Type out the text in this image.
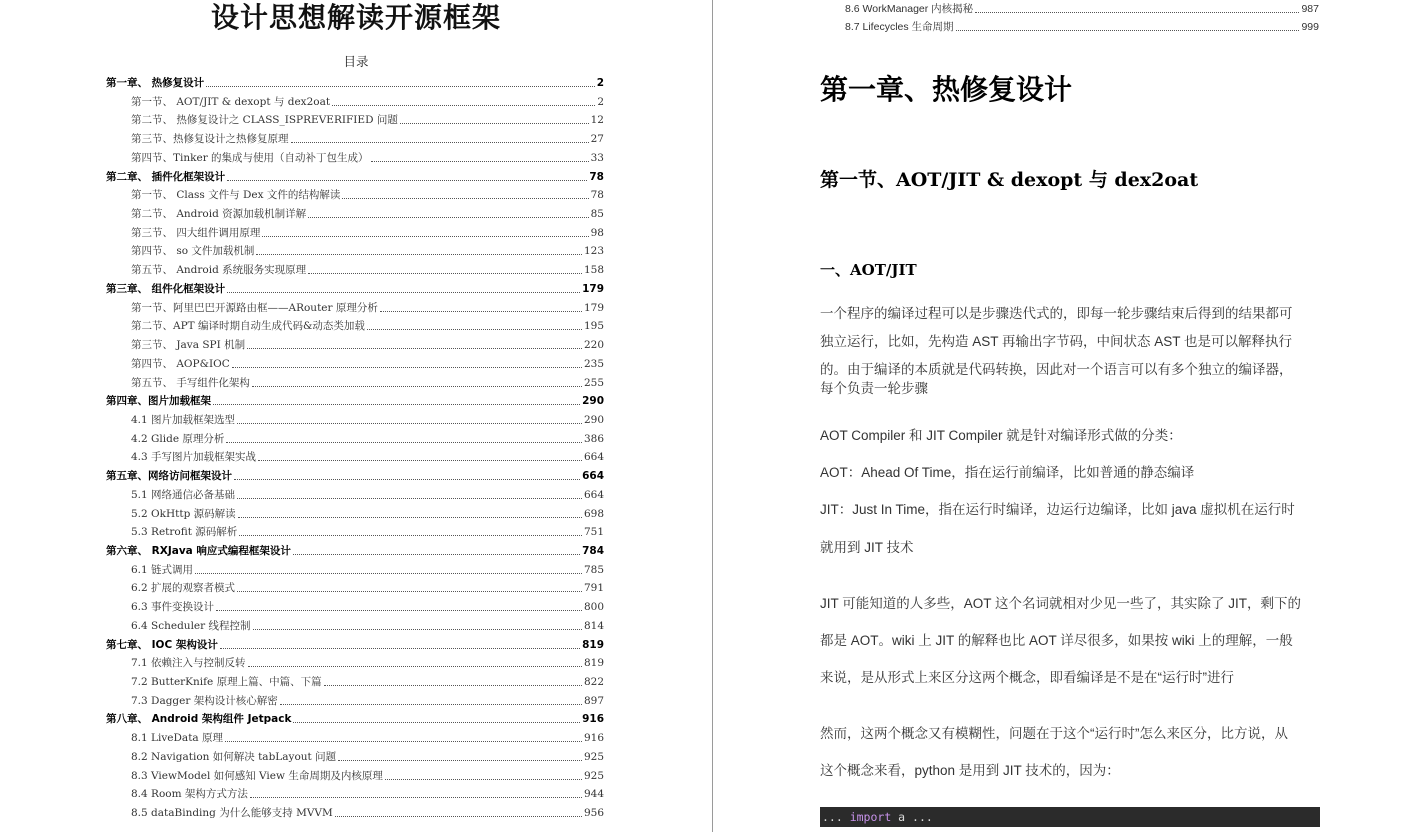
设计思想解读开源框架
目录
第一章、 热修复设计	2
第一节、 AOT/JIT & dexopt 与 dex2oat	2
第二节、 热修复设计之 CLASS_ISPREVERIFIED 问题	12
第三节、热修复设计之热修复原理	27
第四节、Tinker 的集成与使用（自动补丁包生成）	33
第二章、 插件化框架设计	78
第一节、 Class 文件与 Dex 文件的结构解读	78
第二节、 Android 资源加载机制详解	85
第三节、 四大组件调用原理	98
第四节、 so 文件加载机制	123
第五节、 Android 系统服务实现原理	158
第三章、 组件化框架设计	179
第一节、阿里巴巴开源路由框——ARouter 原理分析	179
第二节、APT 编译时期自动生成代码&动态类加载	195
第三节、 Java SPI 机制	220
第四节、 AOP&IOC	235
第五节、 手写组件化架构	255
第四章、图片加载框架	290
4.1 图片加载框架选型	290
4.2 Glide 原理分析	386
4.3 手写图片加载框架实战	664
第五章、网络访问框架设计	664
5.1 网络通信必备基础	664
5.2 OkHttp 源码解读	698
5.3 Retrofit 源码解析	751
第六章、 RXJava 响应式编程框架设计	784
6.1 链式调用	785
6.2 扩展的观察者模式	791
6.3 事件变换设计	800
6.4 Scheduler 线程控制	814
第七章、 IOC 架构设计	819
7.1 依赖注入与控制反转	819
7.2 ButterKnife 原理上篇、中篇、下篇	822
7.3 Dagger 架构设计核心解密	897
第八章、 Android 架构组件 Jetpack	916
8.1 LiveData 原理	916
8.2 Navigation 如何解决 tabLayout 问题	925
8.3 ViewModel 如何感知 View 生命周期及内核原理	925
8.4 Room 架构方式方法	944
8.5 dataBinding 为什么能够支持 MVVM	956
8.6 WorkManager 内核揭秘	987
8.7 Lifecycles 生命周期	999
第一章、热修复设计
第一节、AOT/JIT & dexopt 与 dex2oat
一、AOT/JIT
一个程序的编译过程可以是步骤迭代式的，即每一轮步骤结束后得到的结果都可
独立运行，比如，先构造 AST 再输出字节码，中间状态 AST 也是可以解释执行
的。由于编译的本质就是代码转换，因此对一个语言可以有多个独立的编译器，
每个负责一轮步骤
AOT Compiler 和 JIT Compiler 就是针对编译形式做的分类：
AOT：Ahead Of Time，指在运行前编译，比如普通的静态编译
JIT：Just In Time，指在运行时编译，边运行边编译，比如 java 虚拟机在运行时
就用到 JIT 技术
JIT 可能知道的人多些，AOT 这个名词就相对少见一些了，其实除了 JIT，剩下的
都是 AOT。wiki 上 JIT 的解释也比 AOT 详尽很多，如果按 wiki 上的理解，一般
来说，是从形式上来区分这两个概念，即看编译是不是在“运行时”进行
然而，这两个概念又有模糊性，问题在于这个“运行时”怎么来区分，比方说，从
这个概念来看，python 是用到 JIT 技术的，因为：
... import a ...
